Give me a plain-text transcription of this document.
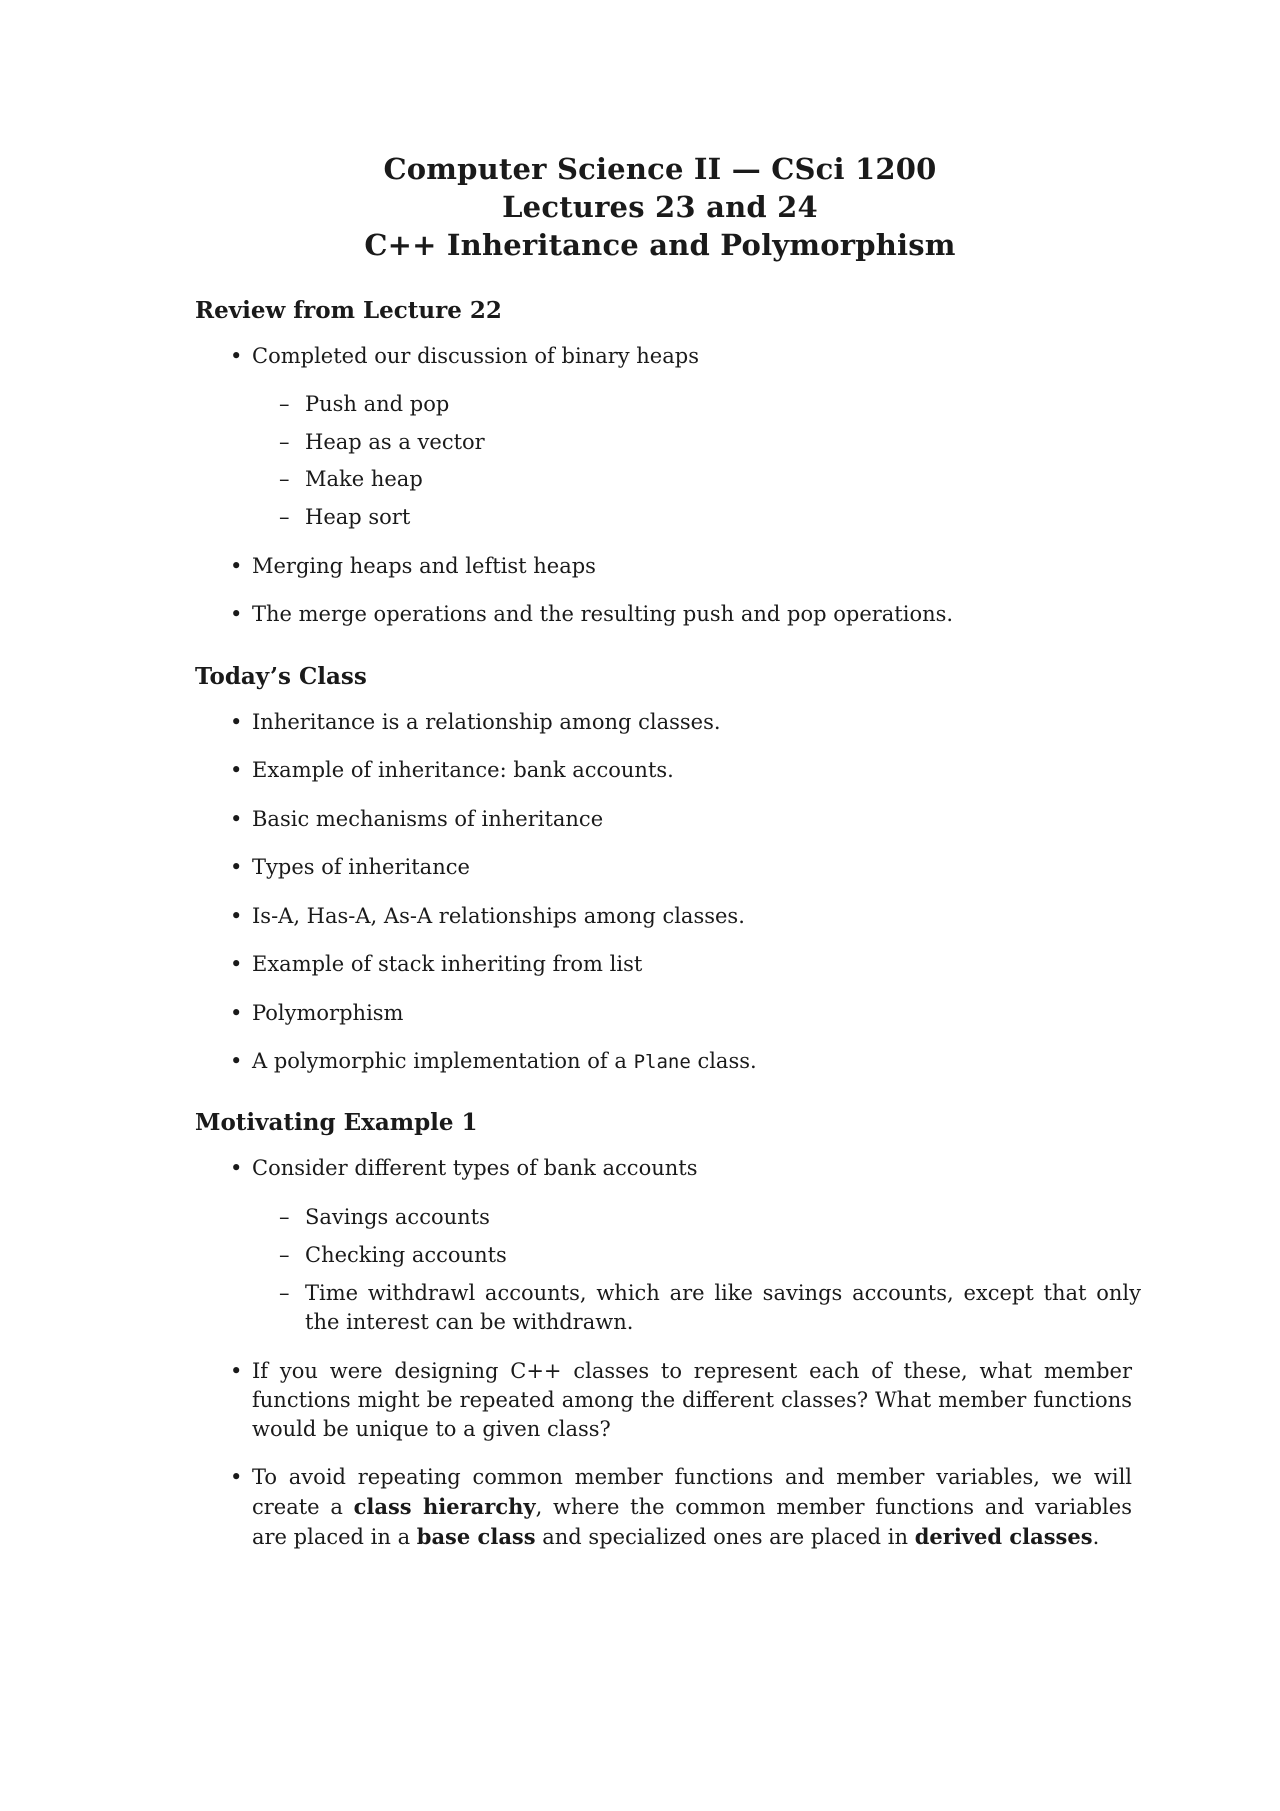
Computer Science II — CSci 1200
Lectures 23 and 24
C++ Inheritance and Polymorphism
Review from Lecture 22
• Completed our discussion of binary heaps
– Push and pop
– Heap as a vector
– Make heap
– Heap sort
• Merging heaps and leftist heaps
• The merge operations and the resulting push and pop operations.
Today’s Class
• Inheritance is a relationship among classes.
• Example of inheritance: bank accounts.
• Basic mechanisms of inheritance
• Types of inheritance
• Is-A, Has-A, As-A relationships among classes.
• Example of stack inheriting from list
• Polymorphism
• A polymorphic implementation of a Plane class.
Motivating Example 1
• Consider different types of bank accounts
– Savings accounts
– Checking accounts
– Time withdrawl accounts, which are like savings accounts, except that only the interest can be withdrawn.
• If you were designing C++ classes to represent each of these, what member functions might be repeated among the different classes? What member functions would be unique to a given class?
• To avoid repeating common member functions and member variables, we will create a class hierarchy, where the common member functions and variables are placed in a base class and specialized ones are placed in derived classes.
